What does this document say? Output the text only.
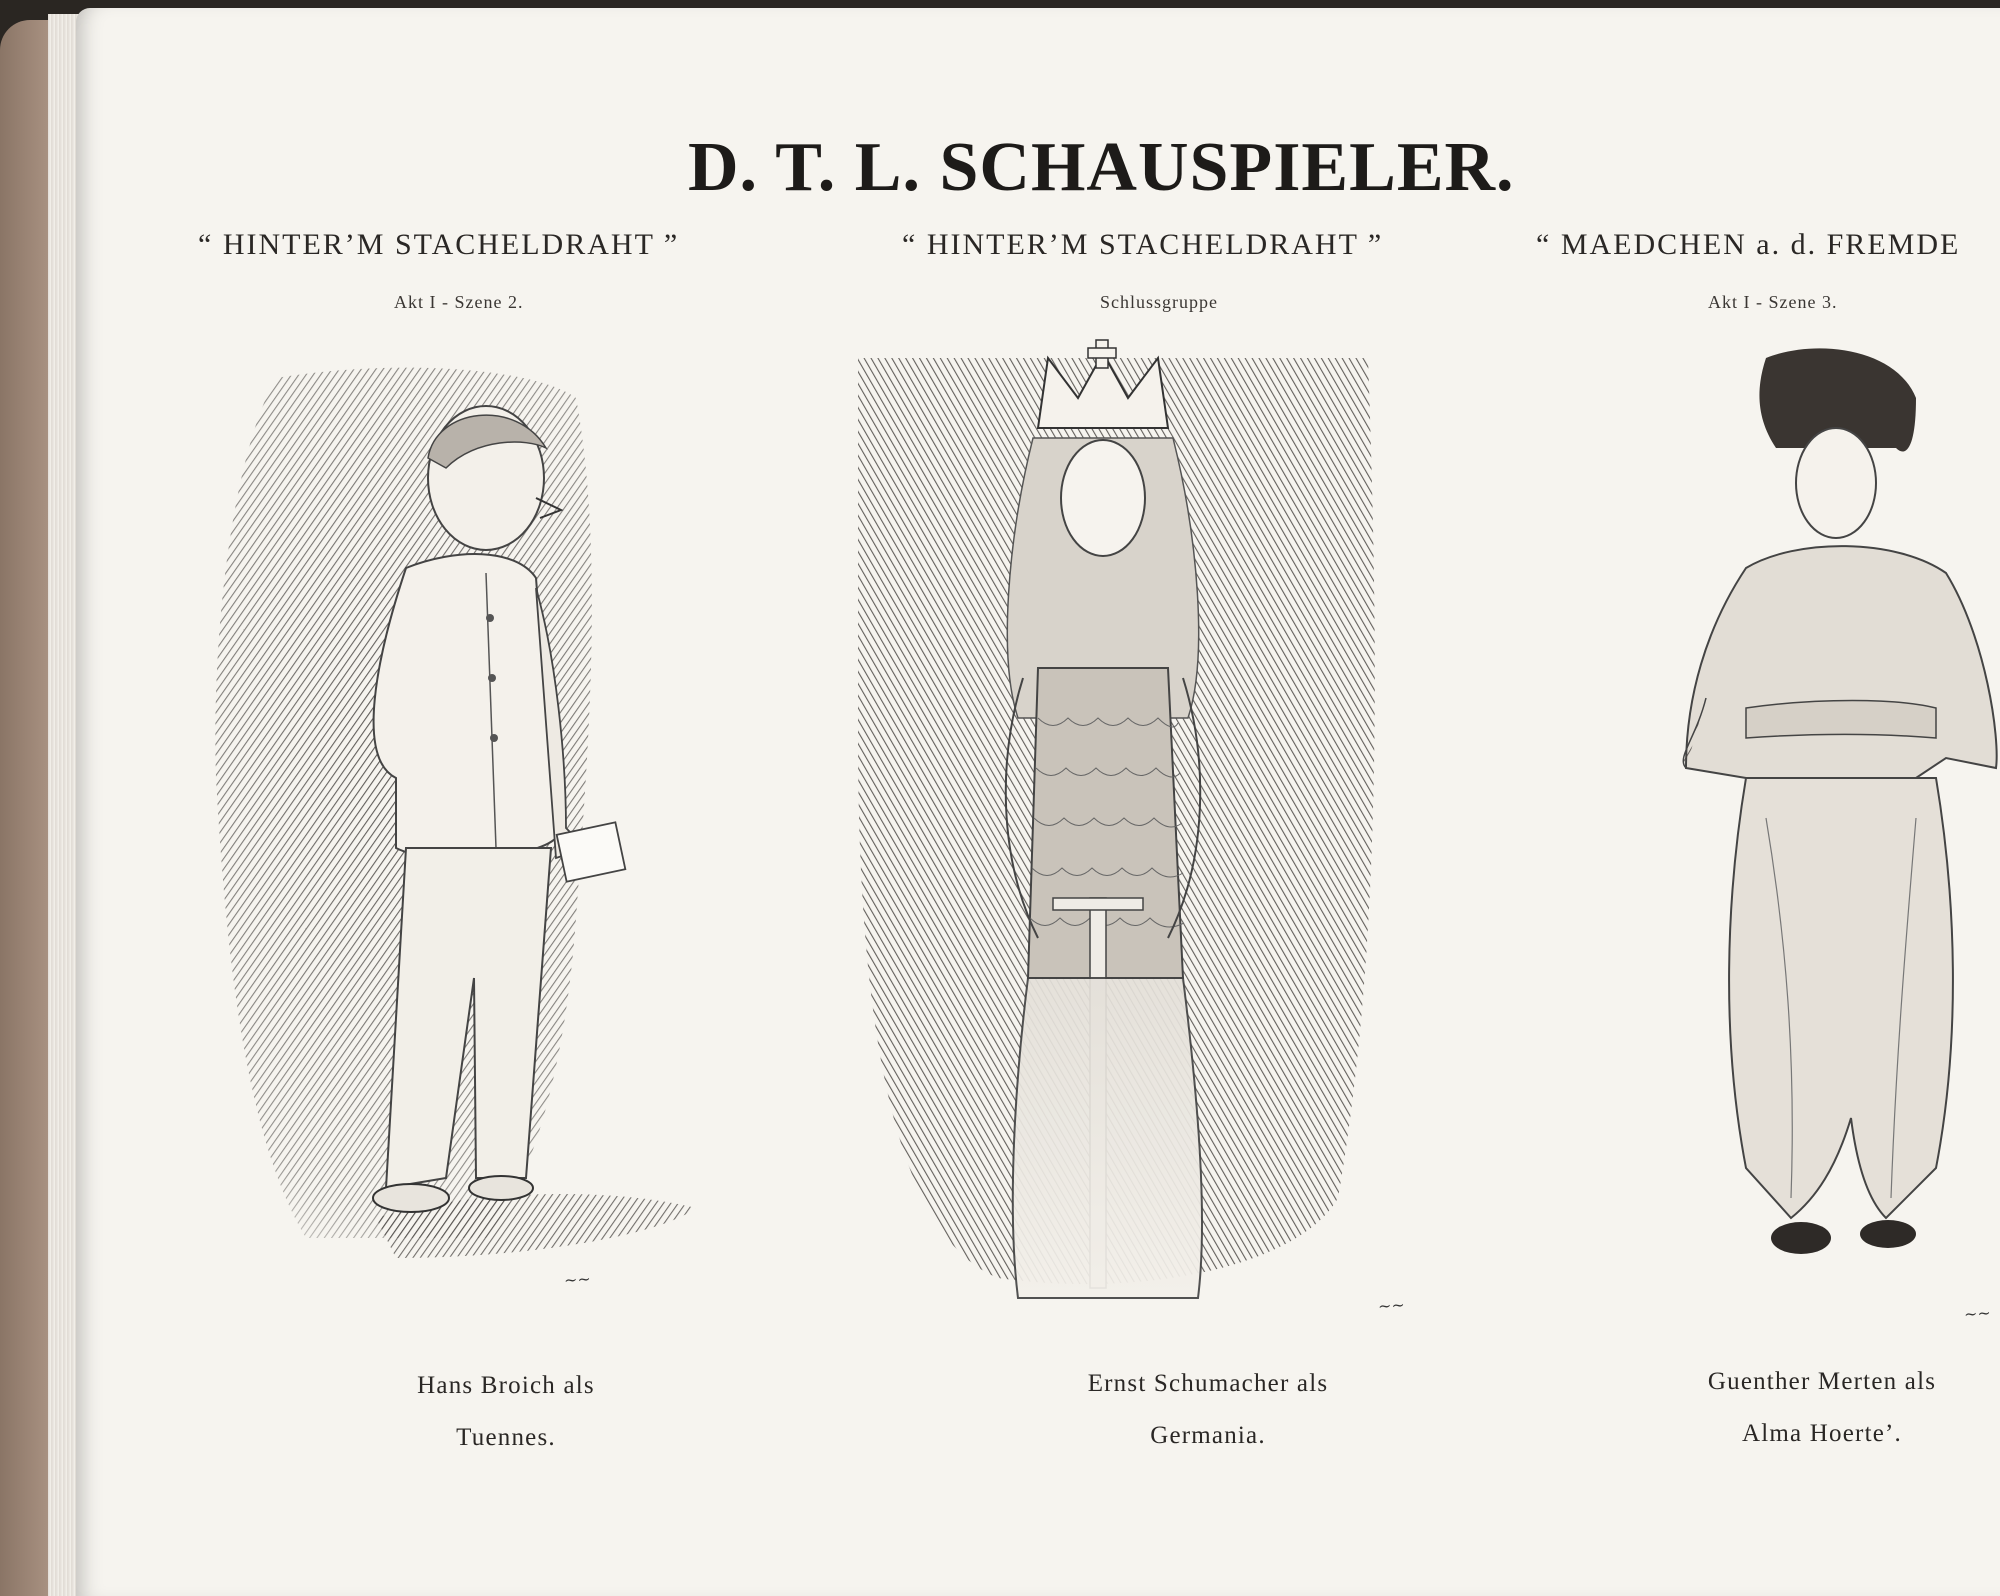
D. T. L. SCHAUSPIELER.
“ HINTER’M STACHELDRAHT ”
Akt I - Szene 2.
“ HINTER’M STACHELDRAHT ”
Schlussgruppe
“ MAEDCHEN a. d. FREMDE
Akt I - Szene 3.
~~
~~	~~
Hans Broich als
Tuennes.
Ernst Schumacher als
Germania.
Guenther Merten als
Alma Hoerte’.
